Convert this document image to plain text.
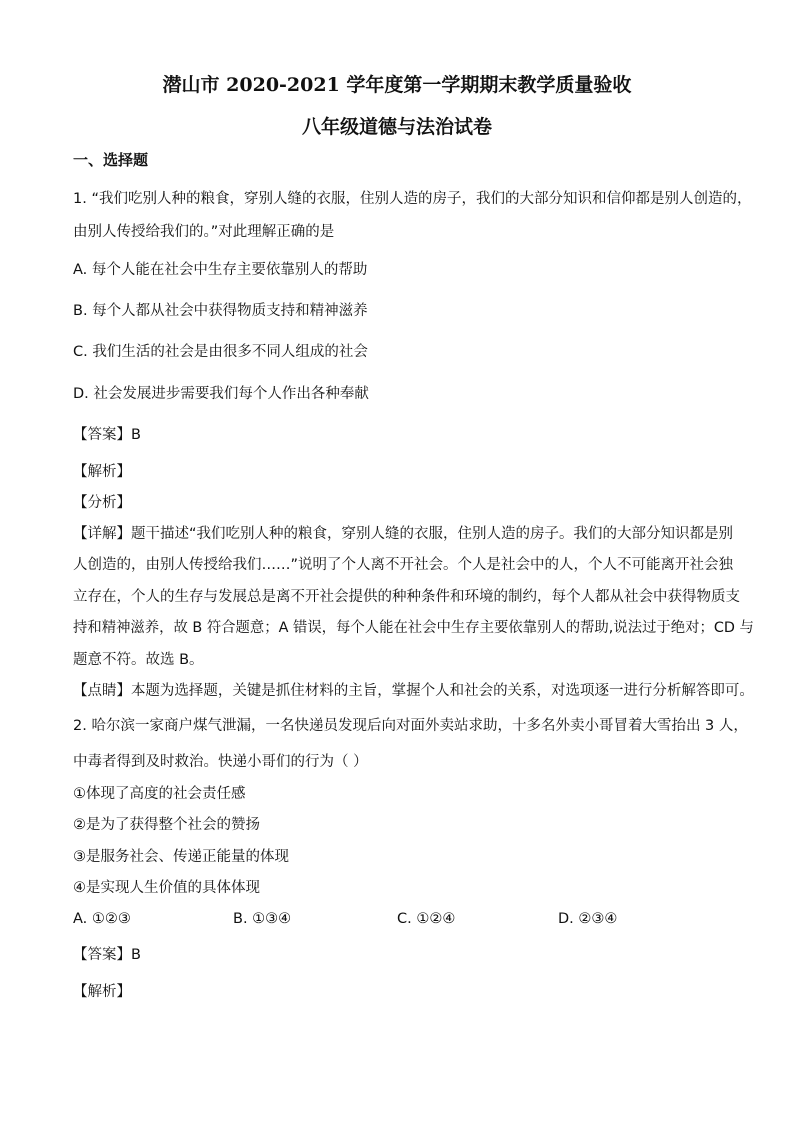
潜山市 2020-2021 学年度第一学期期末教学质量验收
八年级道德与法治试卷
一、选择题
1. “我们吃别人种的粮食，穿别人缝的衣服，住别人造的房子，我们的大部分知识和信仰都是别人创造的，
由别人传授给我们的。”对此理解正确的是
A. 每个人能在社会中生存主要依靠别人的帮助
B. 每个人都从社会中获得物质支持和精神滋养
C. 我们生活的社会是由很多不同人组成的社会
D. 社会发展进步需要我们每个人作出各种奉献
【答案】B
【解析】
【分析】
【详解】题干描述“我们吃别人种的粮食，穿别人缝的衣服，住别人造的房子。我们的大部分知识都是别
人创造的，由别人传授给我们……”说明了个人离不开社会。个人是社会中的人，个人不可能离开社会独
立存在，个人的生存与发展总是离不开社会提供的种种条件和环境的制约，每个人都从社会中获得物质支
持和精神滋养，故 B 符合题意；A 错误，每个人能在社会中生存主要依靠别人的帮助,说法过于绝对；CD 与
题意不符。故选 B。
【点睛】本题为选择题，关键是抓住材料的主旨，掌握个人和社会的关系，对选项逐一进行分析解答即可。
2. 哈尔滨一家商户煤气泄漏，一名快递员发现后向对面外卖站求助，十多名外卖小哥冒着大雪抬出 3 人，
中毒者得到及时救治。快递小哥们的行为（ ）
①体现了高度的社会责任感
②是为了获得整个社会的赞扬
③是服务社会、传递正能量的体现
④是实现人生价值的具体体现
A. ①②③	B. ①③④	C. ①②④	D. ②③④
【答案】B
【解析】
